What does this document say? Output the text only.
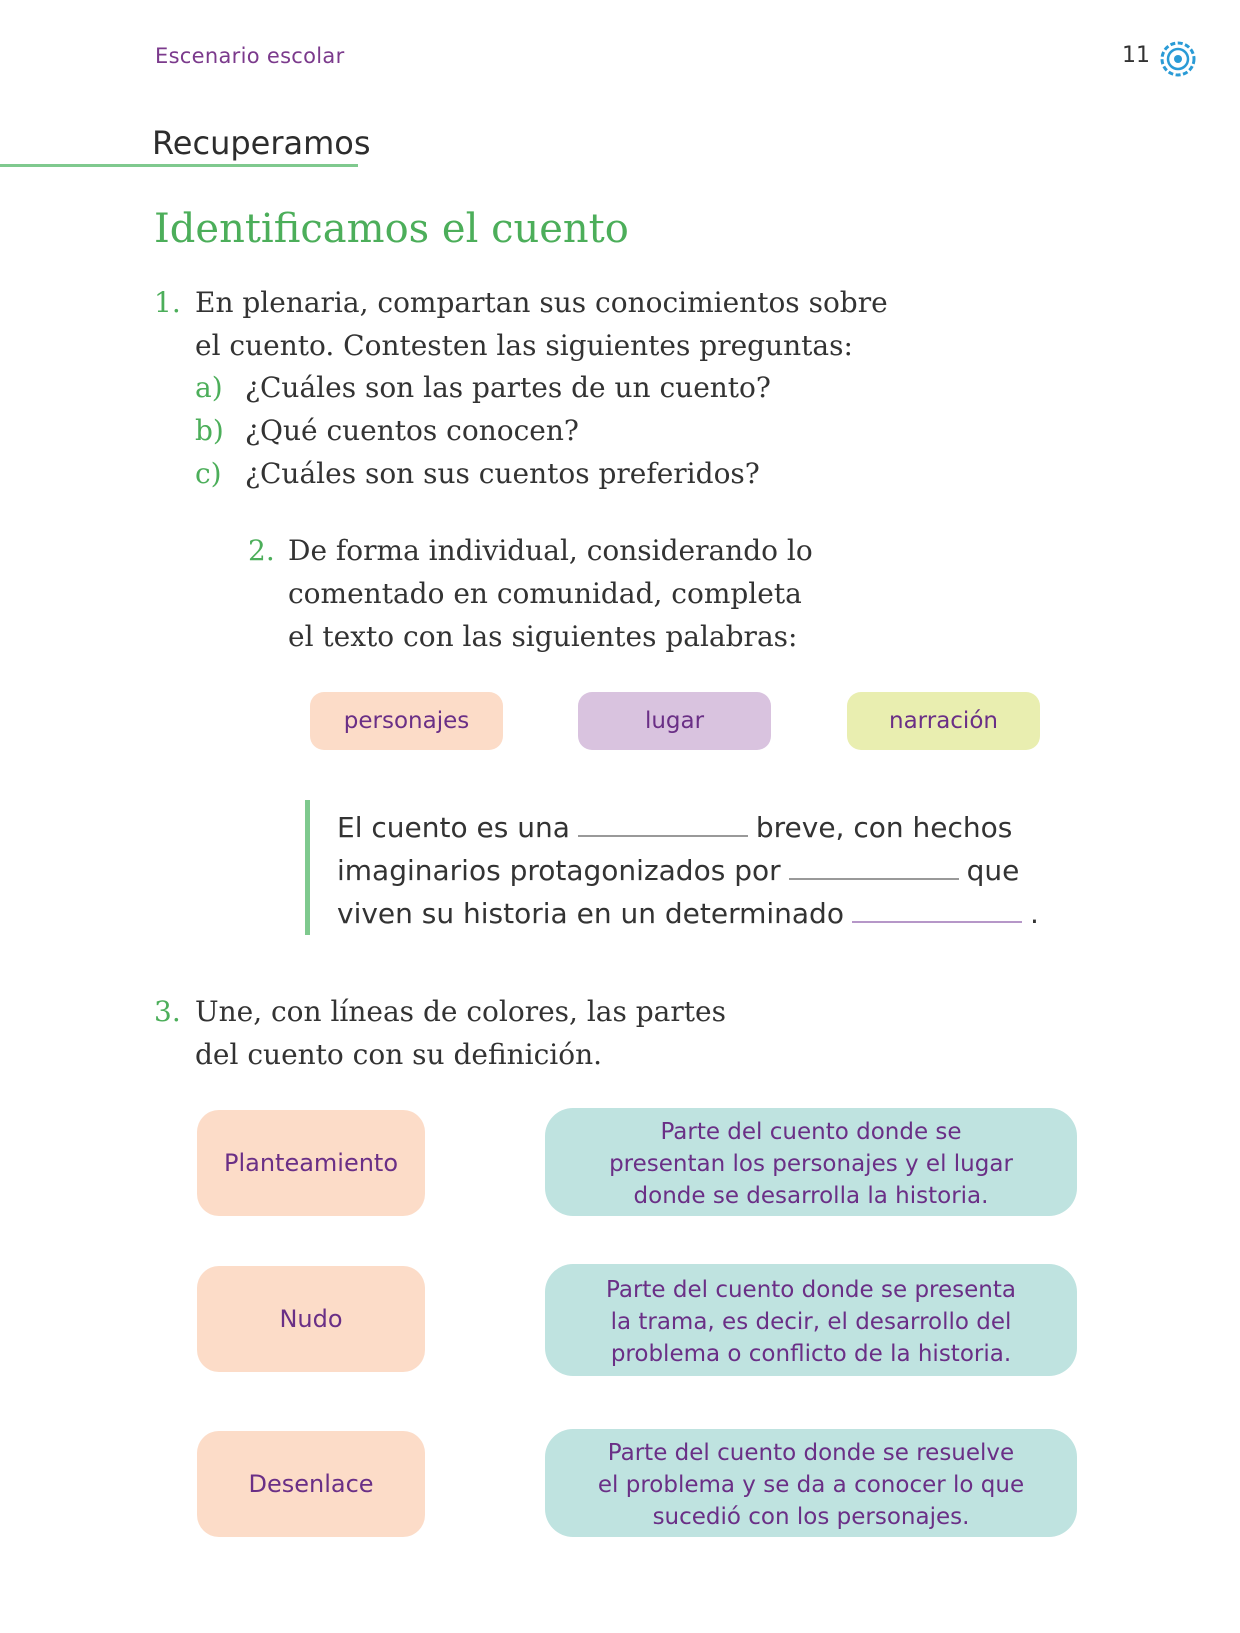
Escenario escolar	11
Recuperamos
Identificamos el cuento
1. En plenaria, compartan sus conocimientos sobre
el cuento. Contesten las siguientes preguntas:
a) ¿Cuáles son las partes de un cuento?
b) ¿Qué cuentos conocen?
c) ¿Cuáles son sus cuentos preferidos?
2. De forma individual, considerando lo
comentado en comunidad, completa
el texto con las siguientes palabras:
personajes	lugar	narración
El cuento es una	breve, con hechos
imaginarios protagonizados por	que
viven su historia en un determinado	.
3. Une, con líneas de colores, las partes
del cuento con su definición.
Planteamiento
Nudo
Desenlace
Parte del cuento donde se
presentan los personajes y el lugar
donde se desarrolla la historia.
Parte del cuento donde se presenta
la trama, es decir, el desarrollo del
problema o conflicto de la historia.
Parte del cuento donde se resuelve
el problema y se da a conocer lo que
sucedió con los personajes.
